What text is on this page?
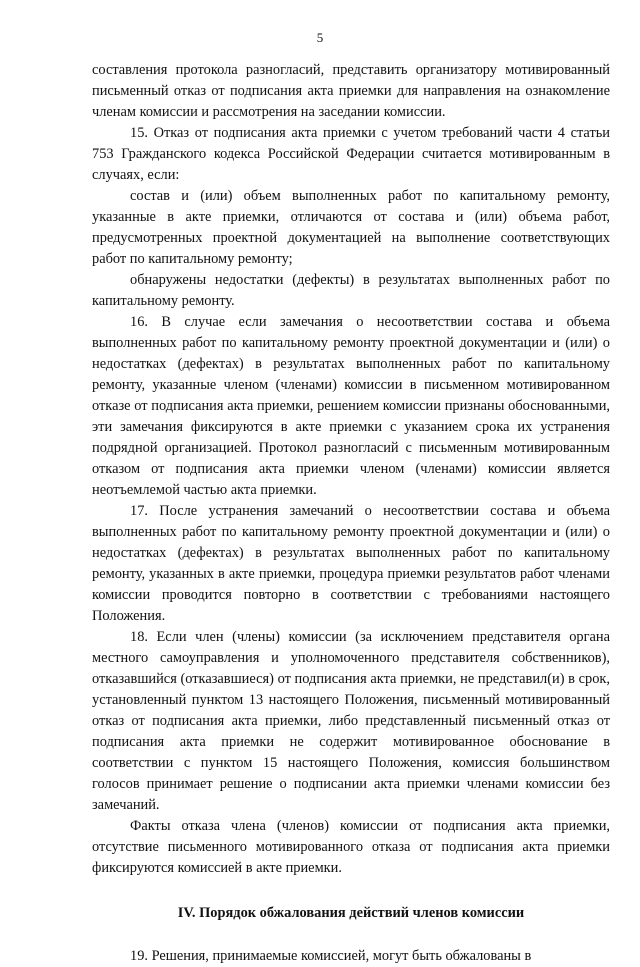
5

составления протокола разногласий, представить организатору мотивированный письменный отказ от подписания акта приемки для направления на ознакомление членам комиссии и рассмотрения на заседании комиссии.

15. Отказ от подписания акта приемки с учетом требований части 4 статьи 753 Гражданского кодекса Российской Федерации считается мотивированным в случаях, если:

состав и (или) объем выполненных работ по капитальному ремонту, указанные в акте приемки, отличаются от состава и (или) объема работ, предусмотренных проектной документацией на выполнение соответствующих работ по капитальному ремонту;

обнаружены недостатки (дефекты) в результатах выполненных работ по капитальному ремонту.

16. В случае если замечания о несоответствии состава и объема выполненных работ по капитальному ремонту проектной документации и (или) о недостатках (дефектах) в результатах выполненных работ по капитальному ремонту, указанные членом (членами) комиссии в письменном мотивированном отказе от подписания акта приемки, решением комиссии признаны обоснованными, эти замечания фиксируются в акте приемки с указанием срока их устранения подрядной организацией. Протокол разногласий с письменным мотивированным отказом от подписания акта приемки членом (членами) комиссии является неотъемлемой частью акта приемки.

17. После устранения замечаний о несоответствии состава и объема выполненных работ по капитальному ремонту проектной документации и (или) о недостатках (дефектах) в результатах выполненных работ по капитальному ремонту, указанных в акте приемки, процедура приемки результатов работ членами комиссии проводится повторно в соответствии с требованиями настоящего Положения.

18. Если член (члены) комиссии (за исключением представителя органа местного самоуправления и уполномоченного представителя собственников), отказавшийся (отказавшиеся) от подписания акта приемки, не представил(и) в срок, установленный пунктом 13 настоящего Положения, письменный мотивированный отказ от подписания акта приемки, либо представленный письменный отказ от подписания акта приемки не содержит мотивированное обоснование в соответствии с пунктом 15 настоящего Положения, комиссия большинством голосов принимает решение о подписании акта приемки членами комиссии без замечаний.

Факты отказа члена (членов) комиссии от подписания акта приемки, отсутствие письменного мотивированного отказа от подписания акта приемки фиксируются комиссией в акте приемки.

IV. Порядок обжалования действий членов комиссии

19. Решения, принимаемые комиссией, могут быть обжалованы в
